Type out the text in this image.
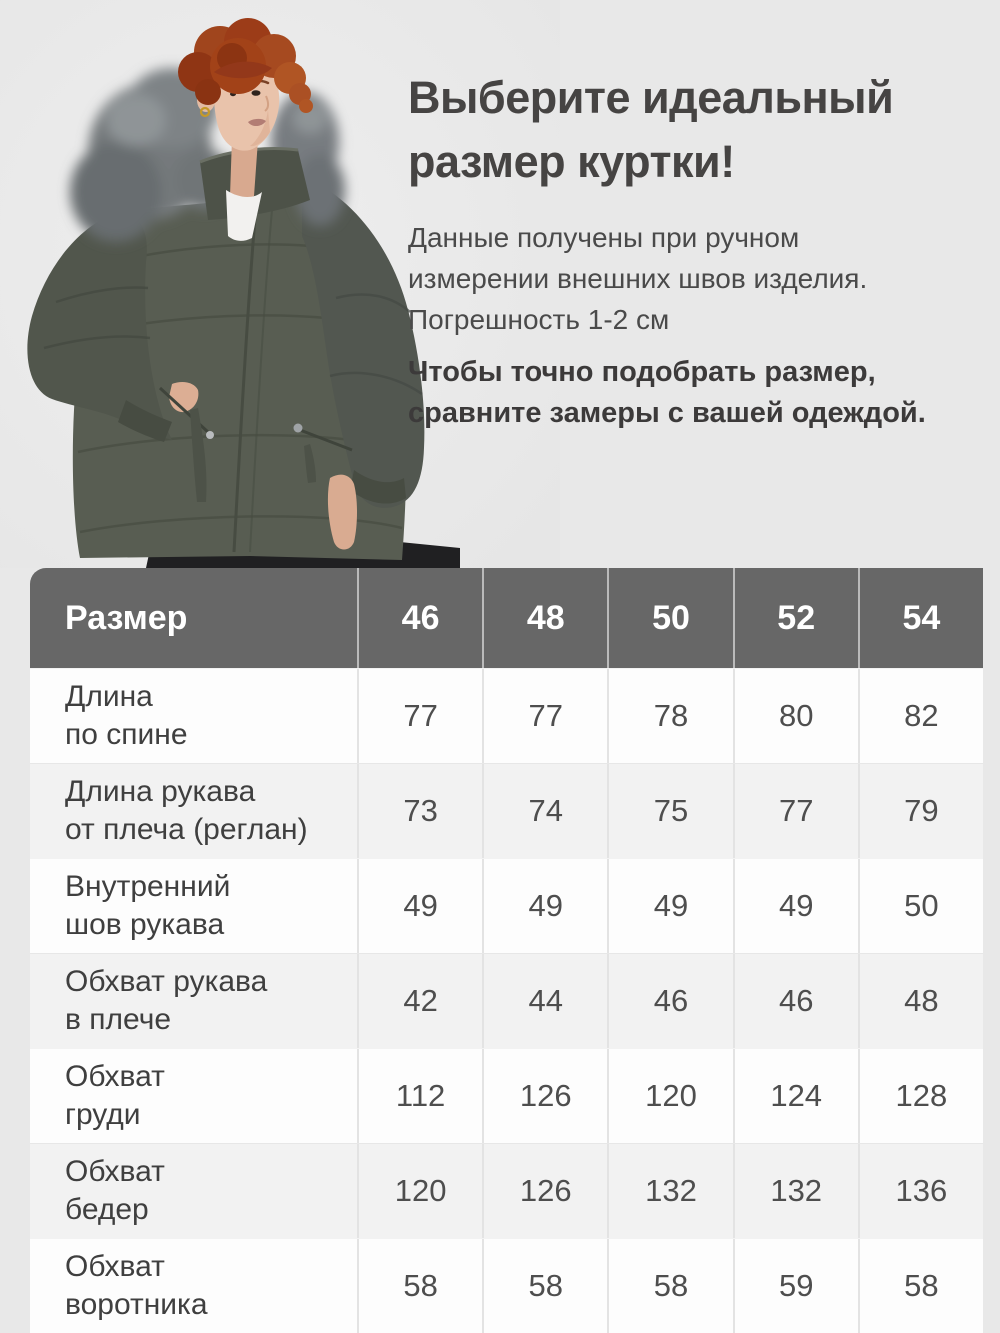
Выберите идеальный
размер куртки!
Данные получены при ручном
измерении внешних швов изделия.
Погрешность 1-2 см
Чтобы точно подобрать размер,
сравните замеры с вашей одеждой.
Размер	46	48	50	52	54
Длина
по спине
77	77	78	80	82
Длина рукава
от плеча (реглан)
73	74	75	77	79
Внутренний
шов рукава
49	49	49	49	50
Обхват рукава
в плече
42	44	46	46	48
Обхват
груди
112	126	120	124	128
Обхват
бедер
120	126	132	132	136
Обхват
воротника
58	58	58	59	58
